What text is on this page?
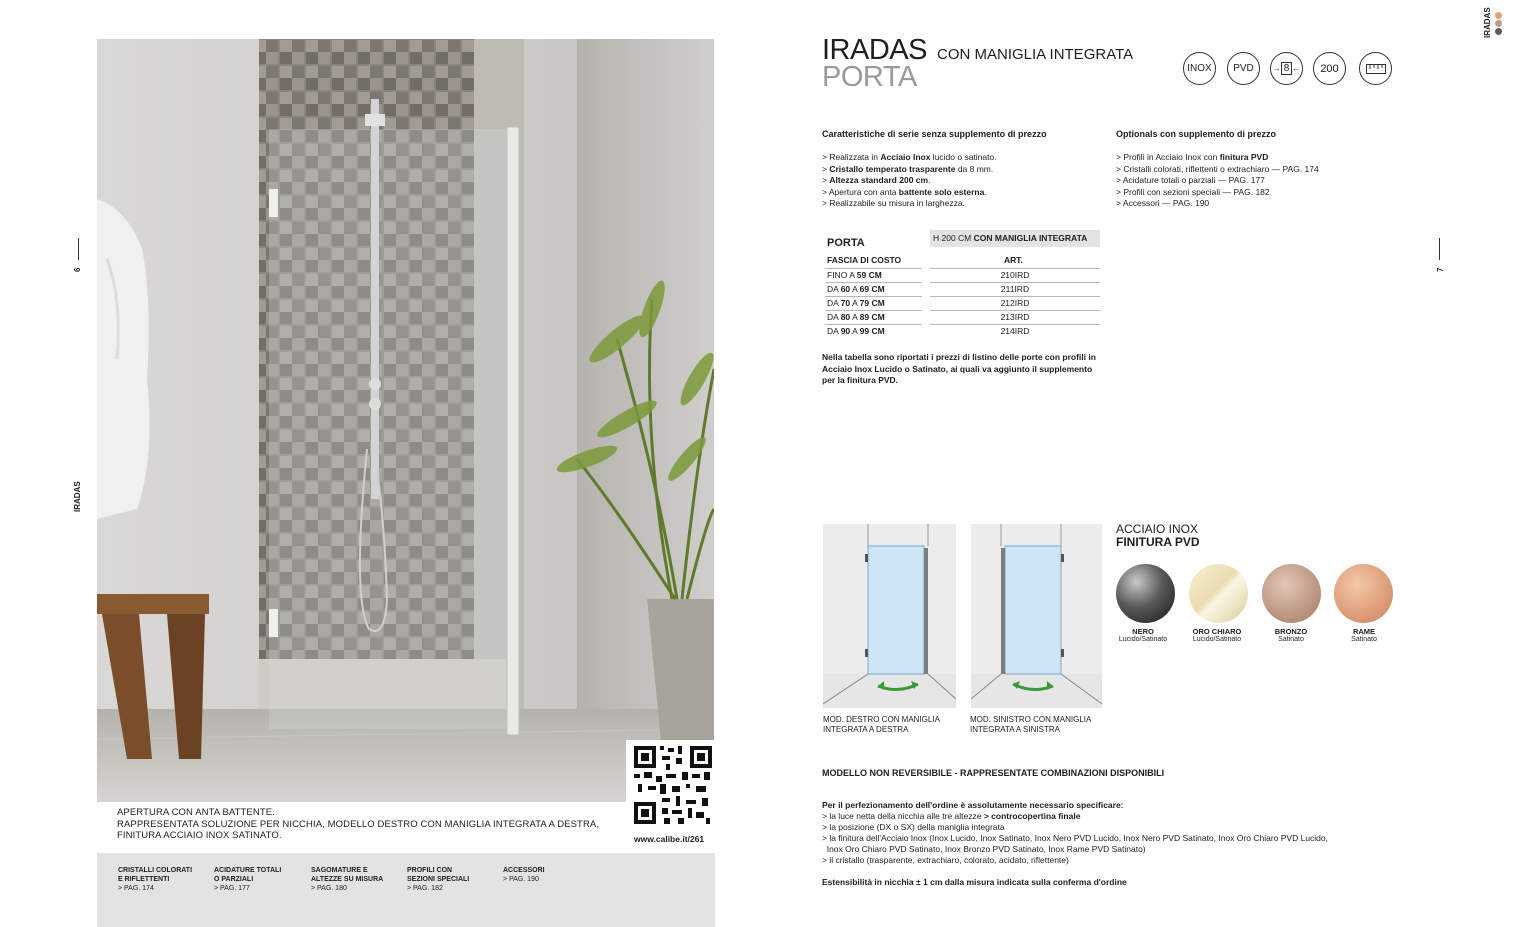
6
IRADAS
www.calibe.it/261
APERTURA CON ANTA BATTENTE.
RAPPRESENTATA SOLUZIONE PER NICCHIA, MODELLO DESTRO CON MANIGLIA INTEGRATA A DESTRA,
FINITURA ACCIAIO INOX SATINATO.
CRISTALLI COLORATI
E RIFLETTENTI
> PAG. 174
ACIDATURE TOTALI
O PARZIALI
> PAG. 177
SAGOMATURE E
ALTEZZE SU MISURA
> PAG. 180
PROFILI CON
SEZIONI SPECIALI
> PAG. 182
ACCESSORI
> PAG. 190
7
IRADAS
IRADAS
PORTA
CON MANIGLIA INTEGRATA
INOX PVD → 8 ← 200
Caratteristiche di serie senza supplemento di prezzo	Optionals con supplemento di prezzo
> Realizzata in Acciaio Inox lucido o satinato.
> Cristallo temperato trasparente da 8 mm.
> Altezza standard 200 cm.
> Apertura con anta battente solo esterna.
> Realizzabile su misura in larghezza.
> Profili in Acciaio Inox con finitura PVD
> Cristalli colorati, riflettenti o extrachiaro — PAG. 174
> Acidature totali o parziali — PAG. 177
> Profili con sezioni speciali — PAG. 182
> Accessori — PAG. 190
PORTA	H 200 CM CON MANIGLIA INTEGRATA
FASCIA DI COSTO	ART.
FINO A 59 CM	210IRD
DA 60 A 69 CM	211IRD
DA 70 A 79 CM	212IRD
DA 80 A 89 CM	213IRD
DA 90 A 99 CM	214IRD
Nella tabella sono riportati i prezzi di listino delle porte con profili in
Acciaio Inox Lucido o Satinato, ai quali va aggiunto il supplemento
per la finitura PVD.
MOD. DESTRO CON MANIGLIA
INTEGRATA A DESTRA
MOD. SINISTRO CON MANIGLIA
INTEGRATA A SINISTRA
ACCIAIO INOX
FINITURA PVD
NERO
Lucido/Satinato
ORO CHIARO
Lucido/Satinato
BRONZO
Satinato
RAME
Satinato
MODELLO NON REVERSIBILE - RAPPRESENTATE COMBINAZIONI DISPONIBILI
Per il perfezionamento dell'ordine è assolutamente necessario specificare:
> la luce netta della nicchia alle tre altezze > controcopertina finale
> la posizione (DX o SX) della maniglia integrata
> la finitura dell'Acciaio Inox (Inox Lucido, Inox Satinato, Inox Nero PVD Lucido, Inox Nero PVD Satinato, Inox Oro Chiaro PVD Lucido,
Inox Oro Chiaro PVD Satinato, Inox Bronzo PVD Satinato, Inox Rame PVD Satinato)
> il cristallo (trasparente, extrachiaro, colorato, acidato, riflettente)
Estensibilità in nicchia ± 1 cm dalla misura indicata sulla conferma d'ordine
